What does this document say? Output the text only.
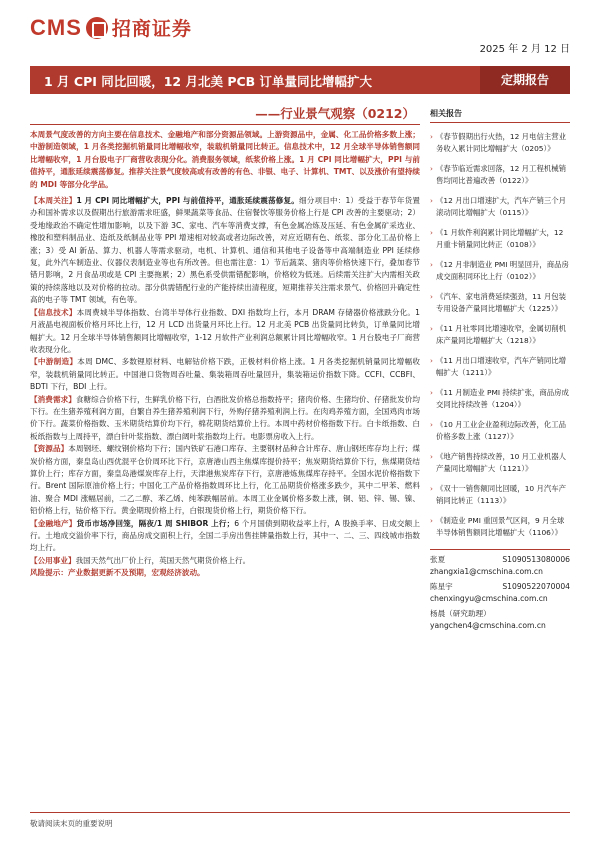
CMS 招商证券
2025 年 2 月 12 日
1 月 CPI 同比回暖，12 月北美 PCB 订单量同比增幅扩大	定期报告
——行业景气观察（0212）
本周景气度改善的方向主要在信息技术、金融地产和部分资源品领域。上游资源品中，金属、化工品价格多数上涨；中游制造领域，1 月各类挖掘机销量同比增幅收窄，装载机销量同比转正。信息技术中，12 月全球半导体销售额同比增幅收窄，1 月台股电子厂商营收表现分化。消费服务领域，纸浆价格上涨。1 月 CPI 同比增幅扩大，PPI 与前值持平，通胀延续震荡修复。推荐关注景气度较高或有改善的有色、非银、电子、计算机、TMT、以及涨价有望持续的 MDI 等部分化学品。
【本周关注】1 月 CPI 同比增幅扩大，PPI 与前值持平，通胀延续震荡修复。细分项目中：1）受益于春节年货置办和国补需求以及假期出行旅游需求旺盛，鲜果蔬菜等食品、住宿餐饮等服务价格上行是 CPI 改善的主要驱动；2）受地缘政治不确定性增加影响，以及下游 3C、家电、汽车等消费支撑，有色金属冶炼及压延、有色金属矿采选业、橡胶和塑料制品业、造纸及纸制品业等 PPI 增速相对较高或者边际改善，对应近期有色、纸浆、部分化工品价格上涨；3）受 AI 新品、算力、机器人等需求驱动，电机、计算机、通信和其他电子设备等中高端制造业 PPI 延续修复，此外汽车制造业、仪器仪表制造业等也有所改善。但也需注意：1）节后蔬菜、猪肉等价格快速下行，叠加春节错月影响，2 月食品项或是 CPI 主要拖累；2）黑色系受供需错配影响，价格较为低迷。后续需关注扩大内需相关政策的持续落地以及对价格的拉动。部分供需错配行业的产能持续出清程度，短期推荐关注需求景气、价格回升确定性高的电子等 TMT 领域，有色等。
【信息技术】本周费城半导体指数、台湾半导体行业指数、DXI 指数均上行，本月 DRAM 存储器价格涨跌分化。1 月液晶电视面板价格月环比上行，12 月 LCD 出货量月环比上行。12 月北美 PCB 出货量同比转负，订单量同比增幅扩大。12 月全球半导体销售额同比增幅收窄，1-12 月软件产业利润总额累计同比增幅收窄。1 月台股电子厂商营收表现分化。
【中游制造】本周 DMC、多数锂原材料、电解钴价格下跌，正极材料价格上涨。1 月各类挖掘机销量同比增幅收窄，装载机销量同比转正。中国港口货物周吞吐量、集装箱周吞吐量回升，集装箱运价指数下降。CCFI、CCBFI、BDTI 下行，BDI 上行。
【消费需求】食糖综合价格下行，生鲜乳价格下行，白酒批发价格总指数持平；猪肉价格、生猪均价、仔猪批发价均下行。在生猪养殖利润方面，自繁自养生猪养殖利润下行，外购仔猪养殖利润上行。在肉鸡养殖方面，全国鸡肉市场价下行。蔬菜价格指数、玉米期货结算价均下行，棉花期货结算价上行。本周中药材价格指数下行。白卡纸指数、白板纸指数与上周持平，漂白针叶浆指数、漂白阔叶浆指数均上行。电影票房收入上行。
【资源品】本周钢坯、螺纹钢价格均下行；国内铁矿石港口库存、主要钢材品种合计库存、唐山钢坯库存均上行；煤炭价格方面，秦皇岛山西优混平仓价周环比下行，京唐港山西主焦煤库提价持平；焦炭期货结算价下行，焦煤期货结算价上行；库存方面，秦皇岛港煤炭库存上行，天津港焦炭库存下行，京唐港炼焦煤库存持平。全国水泥价格指数下行。Brent 国际原油价格上行；中国化工产品价格指数周环比上行，化工品期货价格涨多跌少，其中二甲苯、燃料油、聚合 MDI 涨幅居前，二乙二醇、苯乙烯、纯苯跌幅居前。本周工业金属价格多数上涨，铜、铝、锌、锡、镍、铅价格上行，钴价格下行。黄金期现价格上行，白银现货价格上行，期货价格下行。
【金融地产】货币市场净回笼，隔夜/1 周 SHIBOR 上行；6 个月国债到期收益率上行，A 股换手率、日成交额上行。土地成交溢价率下行，商品房成交面积上行，全国二手房出售挂牌量指数上行，其中一、二、三、四线城市指数均上行。
【公用事业】我国天然气出厂价上行，英国天然气期货价格上行。
风险提示：产业数据更新不及预期，宏观经济波动。
相关报告
› 《春节假期出行火热，12 月电信主营业务收入累计同比增幅扩大（0205）》
› 《春节临近需求回落，12 月工程机械销售均同比普遍改善（0122）》
› 《12 月出口增速扩大，汽车产销三个月滚动同比增幅扩大（0115）》
› 《1 月软件利润累计同比增幅扩大，12 月重卡销量同比转正（0108）》
› 《12 月非制造业 PMI 明显回升，商品房成交面积同环比上行（0102）》
› 《汽车、家电消费延续强劲，11 月包装专用设备产量同比增幅扩大（1225）》
› 《11 月社零同比增速收窄，金属切削机床产量同比增幅扩大（1218）》
› 《11 月出口增速收窄，汽车产销同比增幅扩大（1211）》
› 《11 月制造业 PMI 持续扩张，商品房成交同比持续改善（1204）》
› 《10 月工业企业盈利边际改善，化工品价格多数上涨（1127）》
› 《地产销售持续改善，10 月工业机器人产量同比增幅扩大（1121）》
› 《双十一销售额同比回暖，10 月汽车产销同比转正（1113）》
› 《制造业 PMI 重回景气区间，9 月全球半导体销售额同比增幅扩大（1106）》
张夏	S1090513080006
zhangxia1@cmschina.com.cn
陈星宇	S1090522070004
chenxingyu@cmschina.com.cn
杨晨（研究助理）
yangchen4@cmschina.com.cn
敬请阅读末页的重要说明
